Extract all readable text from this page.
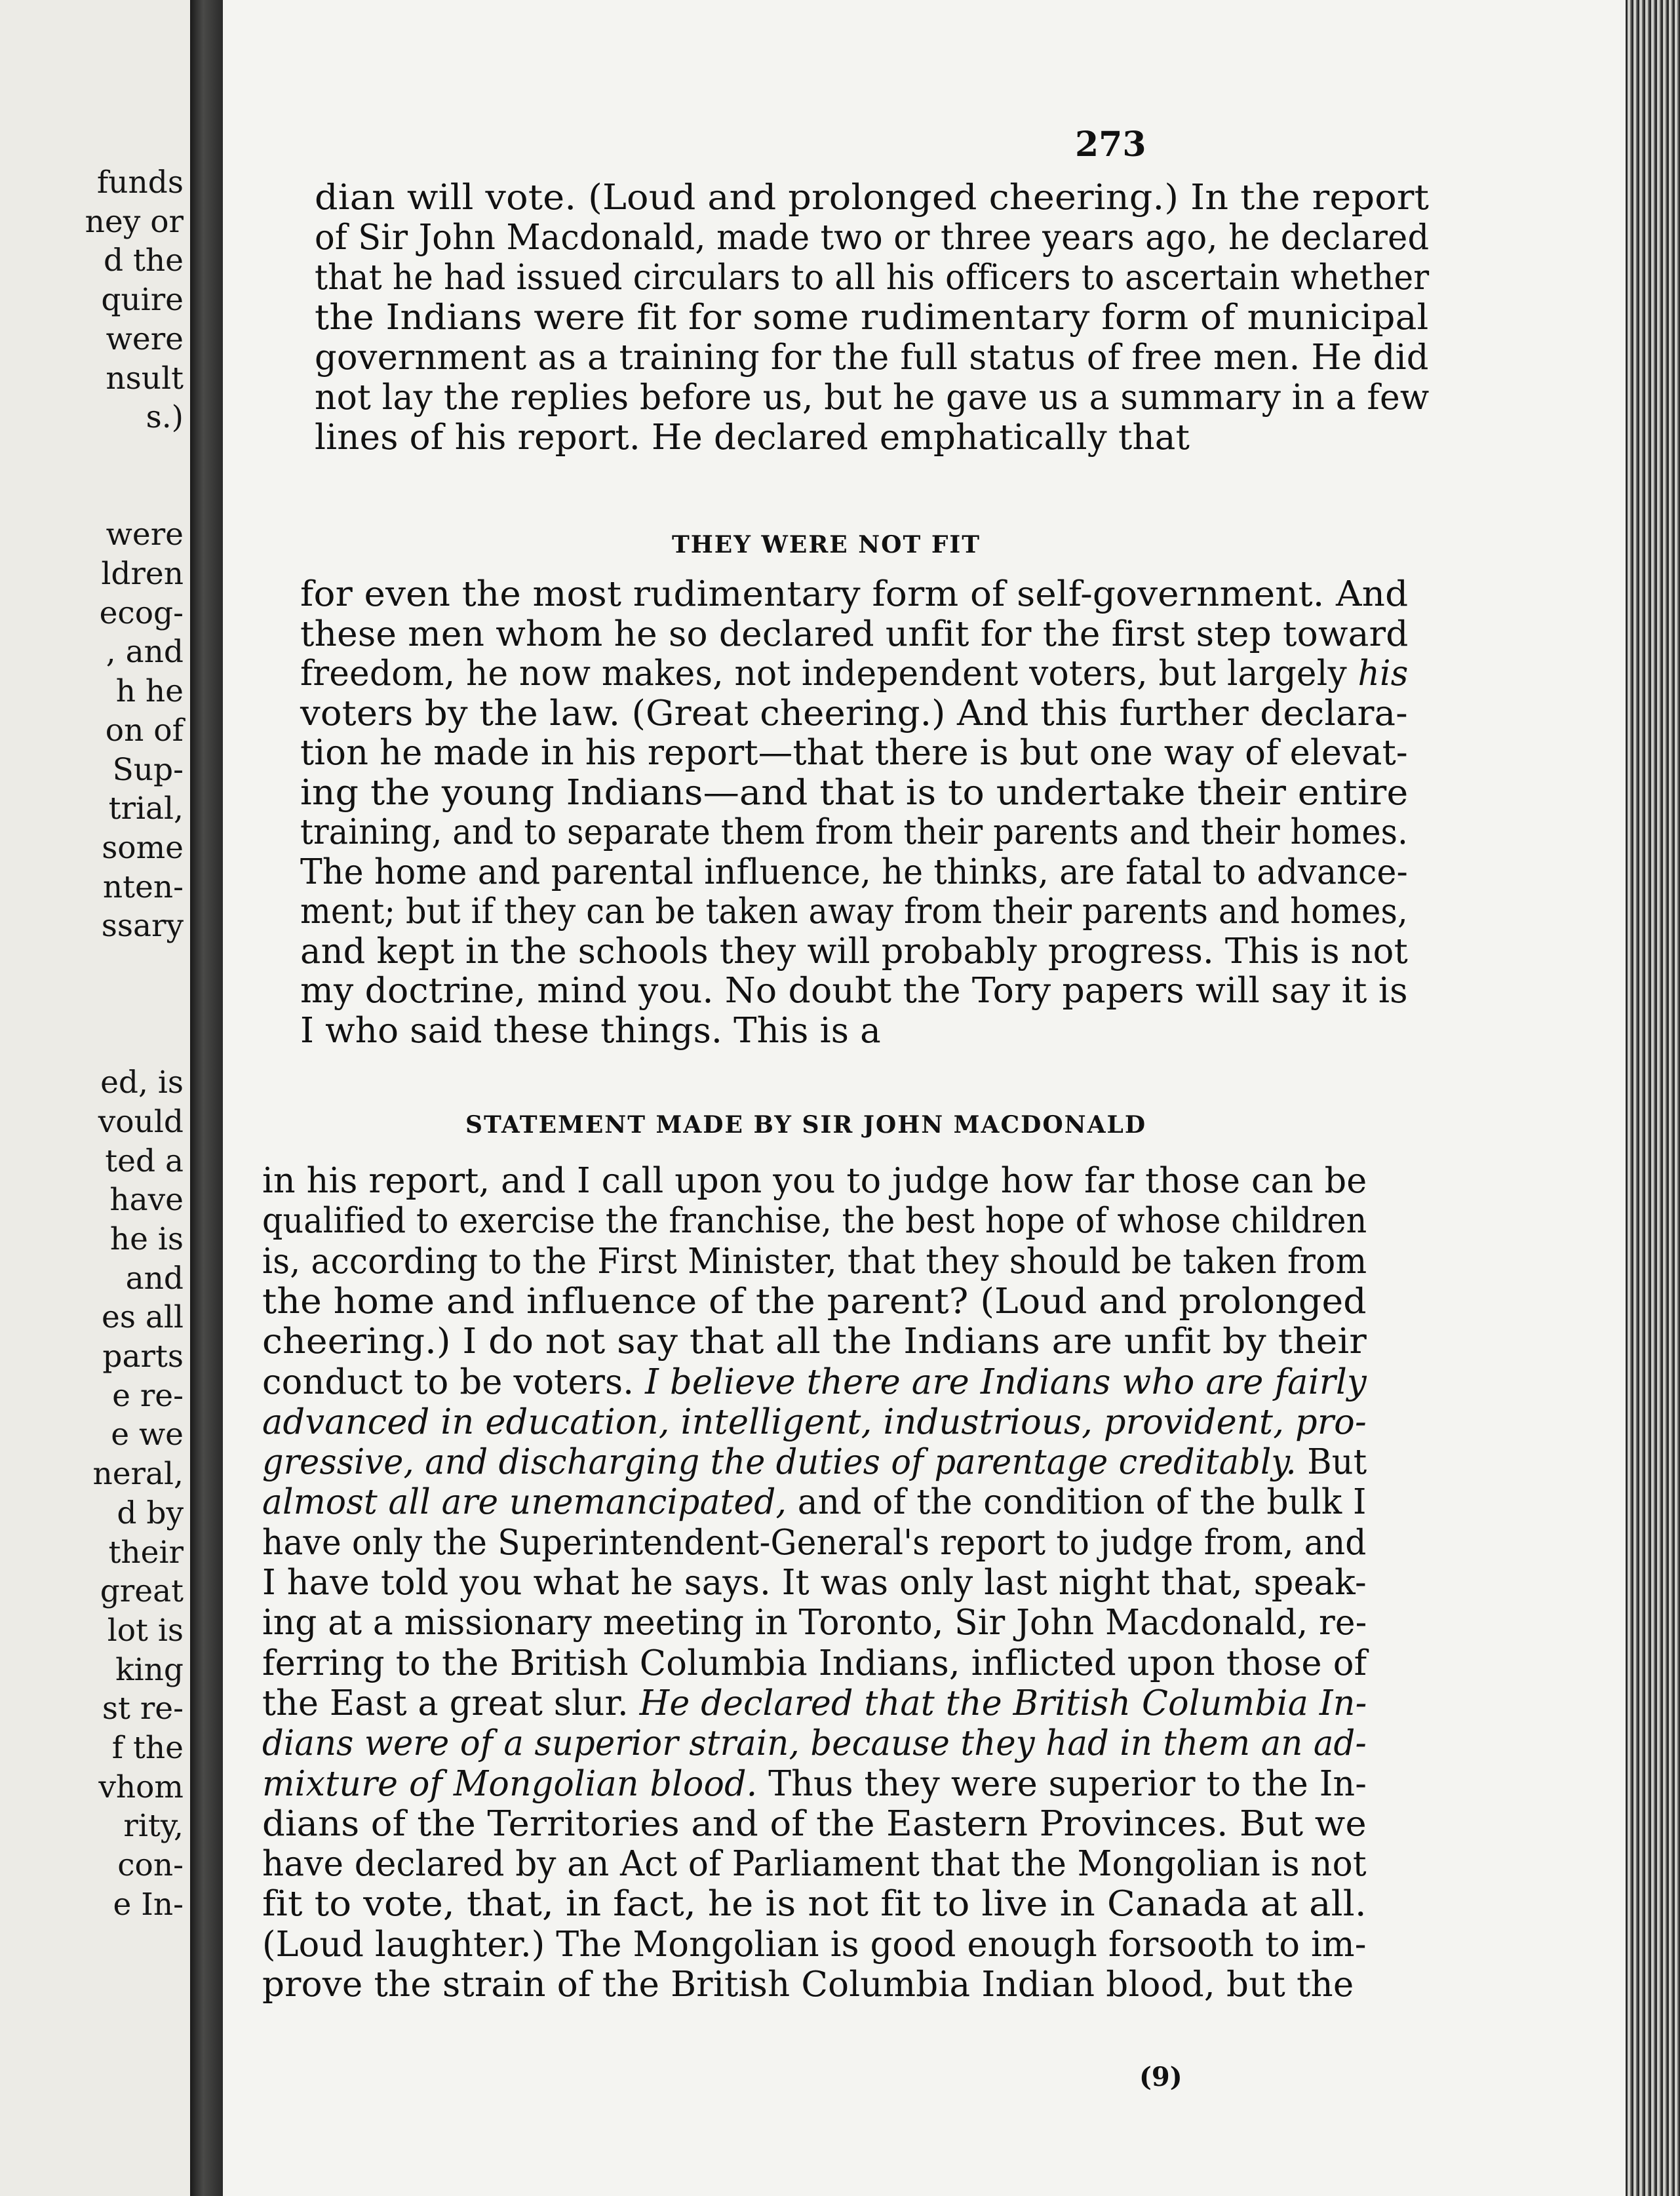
funds
ney or
d the
quire
were
nsult
s.)
were
ldren
ecog-
, and
h he
on of
Sup-
trial,
some
nten-
ssary
ed, is
vould
ted a
have
he is
and
es all
parts
e re-
e we
neral,
d by
their
great
lot is
king
st re-
f the
vhom
rity,
con-
e In-
273
dian will vote. (Loud and prolonged cheering.) In the report
of Sir John Macdonald, made two or three years ago, he declared
that he had issued circulars to all his officers to ascertain whether
the Indians were fit for some rudimentary form of municipal
government as a training for the full status of free men. He did
not lay the replies before us, but he gave us a summary in a few
lines of his report. He declared emphatically that
THEY WERE NOT FIT
for even the most rudimentary form of self-government. And
these men whom he so declared unfit for the first step toward
freedom, he now makes, not independent voters, but largely his
voters by the law. (Great cheering.) And this further declara-
tion he made in his report—that there is but one way of elevat-
ing the young Indians—and that is to undertake their entire
training, and to separate them from their parents and their homes.
The home and parental influence, he thinks, are fatal to advance-
ment; but if they can be taken away from their parents and homes,
and kept in the schools they will probably progress. This is not
my doctrine, mind you. No doubt the Tory papers will say it is
I who said these things. This is a
STATEMENT MADE BY SIR JOHN MACDONALD
in his report, and I call upon you to judge how far those can be
qualified to exercise the franchise, the best hope of whose children
is, according to the First Minister, that they should be taken from
the home and influence of the parent? (Loud and prolonged
cheering.) I do not say that all the Indians are unfit by their
conduct to be voters. I believe there are Indians who are fairly
advanced in education, intelligent, industrious, provident, pro-
gressive, and discharging the duties of parentage creditably. But
almost all are unemancipated, and of the condition of the bulk I
have only the Superintendent-General's report to judge from, and
I have told you what he says. It was only last night that, speak-
ing at a missionary meeting in Toronto, Sir John Macdonald, re-
ferring to the British Columbia Indians, inflicted upon those of
the East a great slur. He declared that the British Columbia In-
dians were of a superior strain, because they had in them an ad-
mixture of Mongolian blood. Thus they were superior to the In-
dians of the Territories and of the Eastern Provinces. But we
have declared by an Act of Parliament that the Mongolian is not
fit to vote, that, in fact, he is not fit to live in Canada at all.
(Loud laughter.) The Mongolian is good enough forsooth to im-
prove the strain of the British Columbia Indian blood, but the
(9)
